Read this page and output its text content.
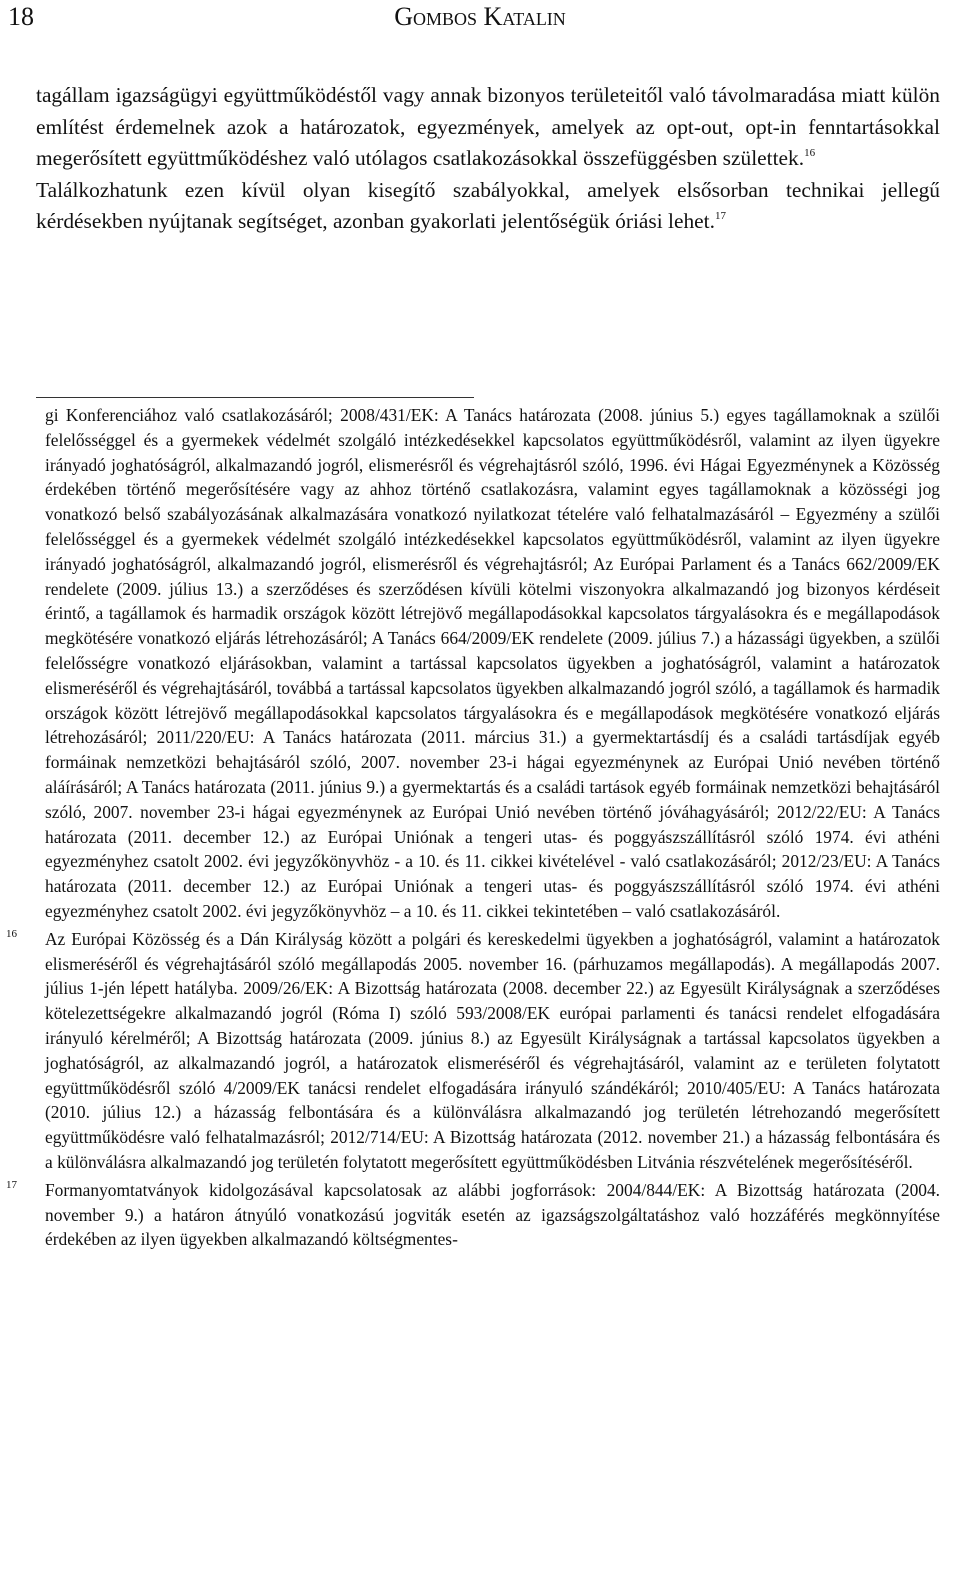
18	Gombos Katalin

tagállam igazságügyi együttműködéstől vagy annak bizonyos területeitől való távolmaradása miatt külön említést érdemelnek azok a határozatok, egyezmények, amelyek az opt-out, opt-in fenntartásokkal megerősített együttműködéshez való utólagos csatlakozásokkal összefüggésben születtek.$^{16}$

Találkozhatunk ezen kívül olyan kisegítő szabályokkal, amelyek elsősorban technikai jellegű kérdésekben nyújtanak segítséget, azonban gyakorlati jelentőségük óriási lehet.$^{17}$

gi Konferenciához való csatlakozásáról; 2008/431/EK: A Tanács határozata (2008. június 5.) egyes tagállamoknak a szülői felelősséggel és a gyermekek védelmét szolgáló intézkedésekkel kapcsolatos együttműködésről, valamint az ilyen ügyekre irányadó joghatóságról, alkalmazandó jogról, elismerésről és végrehajtásról szóló, 1996. évi Hágai Egyezménynek a Közösség érdekében történő megerősítésére vagy az ahhoz történő csatlakozásra, valamint egyes tagállamoknak a közösségi jog vonatkozó belső szabályozásának alkalmazására vonatkozó nyilatkozat tételére való felhatalmazásáról – Egyezmény a szülői felelősséggel és a gyermekek védelmét szolgáló intézkedésekkel kapcsolatos együttműködésről, valamint az ilyen ügyekre irányadó joghatóságról, alkalmazandó jogról, elismerésről és végrehajtásról; Az Európai Parlament és a Tanács 662/2009/EK rendelete (2009. július 13.) a szerződéses és szerződésen kívüli kötelmi viszonyokra alkalmazandó jog bizonyos kérdéseit érintő, a tagállamok és harmadik országok között létrejövő megállapodásokkal kapcsolatos tárgyalásokra és e megállapodások megkötésére vonatkozó eljárás létrehozásáról; A Tanács 664/2009/EK rendelete (2009. július 7.) a házassági ügyekben, a szülői felelősségre vonatkozó eljárásokban, valamint a tartással kapcsolatos ügyekben a joghatóságról, valamint a határozatok elismeréséről és végrehajtásáról, továbbá a tartással kapcsolatos ügyekben alkalmazandó jogról szóló, a tagállamok és harmadik országok között létrejövő megállapodásokkal kapcsolatos tárgyalásokra és e megállapodások megkötésére vonatkozó eljárás létrehozásáról; 2011/220/EU: A Tanács határozata (2011. március 31.) a gyermektartásdíj és a családi tartásdíjak egyéb formáinak nemzetközi behajtásáról szóló, 2007. november 23-i hágai egyezménynek az Európai Unió nevében történő aláírásáról; A Tanács határozata (2011. június 9.) a gyermektartás és a családi tartások egyéb formáinak nemzetközi behajtásáról szóló, 2007. november 23-i hágai egyezménynek az Európai Unió nevében történő jóváhagyásáról; 2012/22/EU: A Tanács határozata (2011. december 12.) az Európai Uniónak a tengeri utas- és poggyászszállításról szóló 1974. évi athéni egyezményhez csatolt 2002. évi jegyzőkönyvhöz - a 10. és 11. cikkei kivételével - való csatlakozásáról; 2012/23/EU: A Tanács határozata (2011. december 12.) az Európai Uniónak a tengeri utas- és poggyászszállításról szóló 1974. évi athéni egyezményhez csatolt 2002. évi jegyzőkönyvhöz – a 10. és 11. cikkei tekintetében – való csatlakozásáról.
16 Az Európai Közösség és a Dán Királyság között a polgári és kereskedelmi ügyekben a joghatóságról, valamint a határozatok elismeréséről és végrehajtásáról szóló megállapodás 2005. november 16. (párhuzamos megállapodás). A megállapodás 2007. július 1-jén lépett hatályba. 2009/26/EK: A Bizottság határozata (2008. december 22.) az Egyesült Királyságnak a szerződéses kötelezettségekre alkalmazandó jogról (Róma I) szóló 593/2008/EK európai parlamenti és tanácsi rendelet elfogadására irányuló kérelméről; A Bizottság határozata (2009. június 8.) az Egyesült Királyságnak a tartással kapcsolatos ügyekben a joghatóságról, az alkalmazandó jogról, a határozatok elismeréséről és végrehajtásáról, valamint az e területen folytatott együttműködésről szóló 4/2009/EK tanácsi rendelet elfogadására irányuló szándékáról; 2010/405/EU: A Tanács határozata (2010. július 12.) a házasság felbontására és a különválásra alkalmazandó jog területén létrehozandó megerősített együttműködésre való felhatalmazásról; 2012/714/EU: A Bizottság határozata (2012. november 21.) a házasság felbontására és a különválásra alkalmazandó jog területén folytatott megerősített együttműködésben Litvánia részvételének megerősítéséről.
17 Formanyomtatványok kidolgozásával kapcsolatosak az alábbi jogforrások: 2004/844/EK: A Bizottság határozata (2004. november 9.) a határon átnyúló vonatkozású jogviták esetén az igazságszolgáltatáshoz való hozzáférés megkönnyítése érdekében az ilyen ügyekben alkalmazandó költségmentes-
